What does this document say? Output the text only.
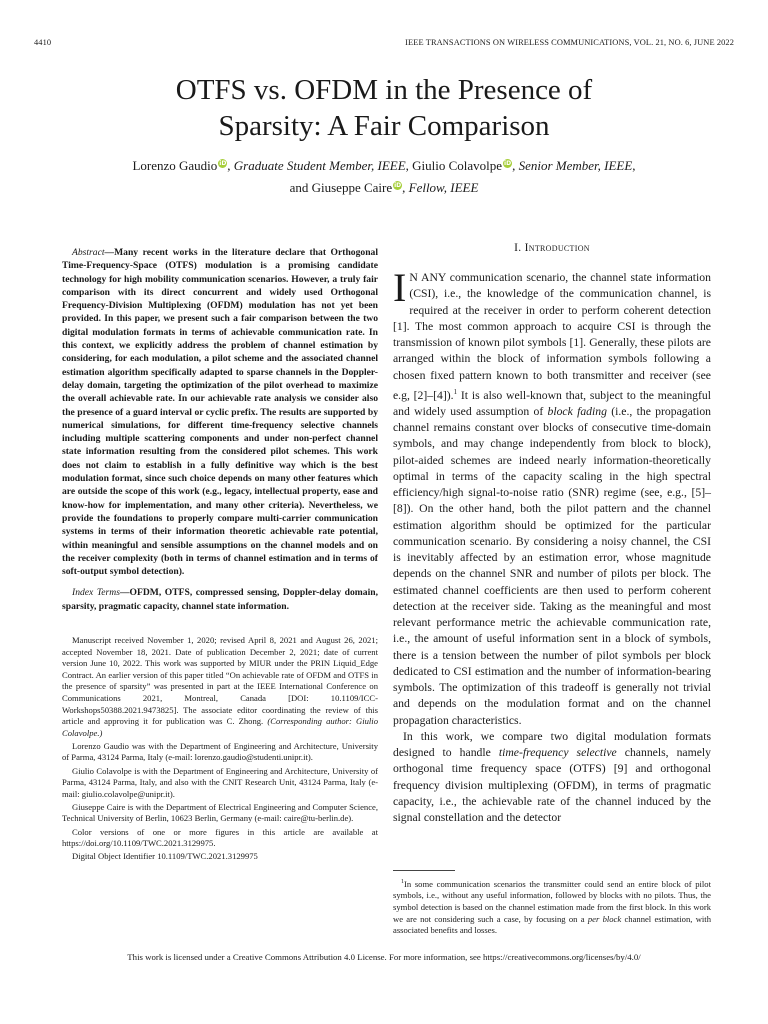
4410	IEEE TRANSACTIONS ON WIRELESS COMMUNICATIONS, VOL. 21, NO. 6, JUNE 2022
OTFS vs. OFDM in the Presence of
Sparsity: A Fair Comparison
Lorenzo Gaudio iD, Graduate Student Member, IEEE, Giulio Colavolpe iD, Senior Member, IEEE,
and Giuseppe Caire iD, Fellow, IEEE

Abstract—Many recent works in the literature declare that Orthogonal Time-Frequency-Space (OTFS) modulation is a promising candidate technology for high mobility communication scenarios. However, a truly fair comparison with its direct concurrent and widely used Orthogonal Frequency-Division Multiplexing (OFDM) modulation has not yet been provided. In this paper, we present such a fair comparison between the two digital modulation formats in terms of achievable communication rate. In this context, we explicitly address the problem of channel estimation by considering, for each modulation, a pilot scheme and the associated channel estimation algorithm specifically adapted to sparse channels in the Doppler-delay domain, targeting the optimization of the pilot overhead to maximize the overall achievable rate. In our achievable rate analysis we consider also the presence of a guard interval or cyclic prefix. The results are supported by numerical simulations, for different time-frequency selective channels including multiple scattering components and under non-perfect channel state information resulting from the considered pilot schemes. This work does not claim to establish in a fully definitive way which is the best modulation format, since such choice depends on many other features which are outside the scope of this work (e.g., legacy, intellectual property, ease and know-how for implementation, and many other criteria). Nevertheless, we provide the foundations to properly compare multi-carrier communication systems in terms of their information theoretic achievable rate potential, within meaningful and sensible assumptions on the channel models and on the receiver complexity (both in terms of channel estimation and in terms of soft-output symbol detection).

Index Terms—OFDM, OTFS, compressed sensing, Doppler-delay domain, sparsity, pragmatic capacity, channel state information.

Manuscript received November 1, 2020; revised April 8, 2021 and August 26, 2021; accepted November 18, 2021. Date of publication December 2, 2021; date of current version June 10, 2022. This work was supported by MIUR under the PRIN Liquid_Edge Contract. An earlier version of this paper titled “On achievable rate of OFDM and OTFS in the presence of sparsity” was presented in part at the IEEE International Conference on Communications 2021, Montreal, Canada [DOI: 10.1109/ICC-Workshops50388.2021.9473825]. The associate editor coordinating the review of this article and approving it for publication was C. Zhong. (Corresponding author: Giulio Colavolpe.)

Lorenzo Gaudio was with the Department of Engineering and Architecture, University of Parma, 43124 Parma, Italy (e-mail: lorenzo.gaudio@studenti.unipr.it).

Giulio Colavolpe is with the Department of Engineering and Architecture, University of Parma, 43124 Parma, Italy, and also with the CNIT Research Unit, 43124 Parma, Italy (e-mail: giulio.colavolpe@unipr.it).

Giuseppe Caire is with the Department of Electrical Engineering and Computer Science, Technical University of Berlin, 10623 Berlin, Germany (e-mail: caire@tu-berlin.de).

Color versions of one or more figures in this article are available at https://doi.org/10.1109/TWC.2021.3129975.

Digital Object Identifier 10.1109/TWC.2021.3129975

I. Introduction

I N ANY communication scenario, the channel state information (CSI), i.e., the knowledge of the communication channel, is required at the receiver in order to perform coherent detection [1]. The most common approach to acquire CSI is through the transmission of known pilot symbols [1]. Generally, these pilots are arranged within the block of information symbols following a chosen fixed pattern known to both transmitter and receiver (see e.g, [2]–[4]).$^1$ It is also well-known that, subject to the meaningful and widely used assumption of block fading (i.e., the propagation channel remains constant over blocks of consecutive time-domain symbols, and may change independently from block to block), pilot-aided schemes are indeed nearly information-theoretically optimal in terms of the capacity scaling in the high spectral efficiency/high signal-to-noise ratio (SNR) regime (see, e.g., [5]–[8]). On the other hand, both the pilot pattern and the channel estimation algorithm should be optimized for the particular communication scenario. By considering a noisy channel, the CSI is inevitably affected by an estimation error, whose magnitude depends on the channel SNR and number of pilots per block. The estimated channel coefficients are then used to perform coherent detection at the receiver side. Taking as the meaningful and most relevant performance metric the achievable communication rate, i.e., the amount of useful information sent in a block of symbols, there is a tension between the number of pilot symbols per block dedicated to CSI estimation and the number of information-bearing symbols. The optimization of this tradeoff is generally not trivial and depends on the modulation format and on the channel propagation characteristics.

In this work, we compare two digital modulation formats designed to handle time-frequency selective channels, namely orthogonal time frequency space (OTFS) [9] and orthogonal frequency division multiplexing (OFDM), in terms of pragmatic capacity, i.e., the achievable rate of the channel induced by the signal constellation and the detector

$^1$In some communication scenarios the transmitter could send an entire block of pilot symbols, i.e., without any useful information, followed by blocks with no pilots. Thus, the symbol detection is based on the channel estimation made from the first block. In this work we are not considering such a case, by focusing on a per block channel estimation, with associated benefits and losses.

This work is licensed under a Creative Commons Attribution 4.0 License. For more information, see https://creativecommons.org/licenses/by/4.0/
